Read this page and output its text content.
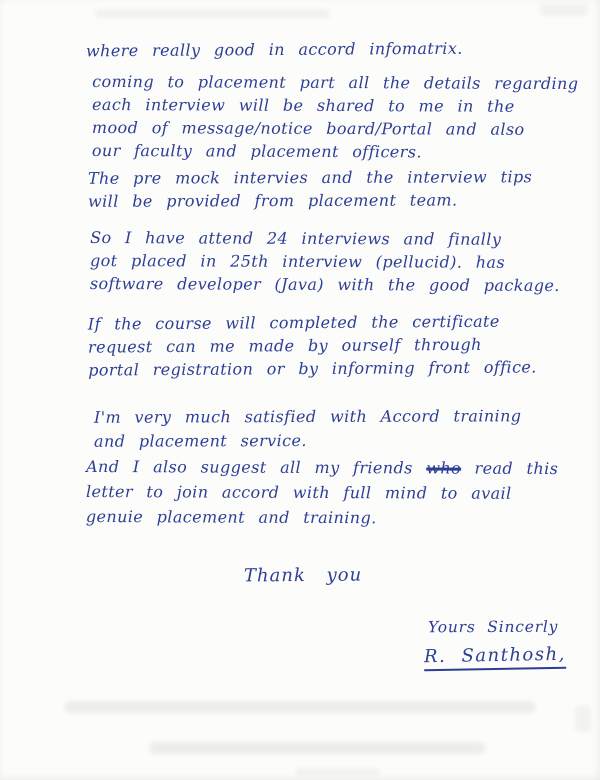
where really good in accord infomatrix.
coming to placement part all the details regarding
each interview will be shared to me in the
mood of message/notice board/Portal and also
our faculty and placement officers.
The pre mock intervies and the interview tips
will be provided from placement team.
So I have attend 24 interviews and finally
got placed in 25th interview (pellucid). has
software developer (Java) with the good package.
If the course will completed the certificate
request can me made by ourself through
portal registration or by informing front office.
I'm very much satisfied with Accord training
and placement service.
And I also suggest all my friends who read this
letter to join accord with full mind to avail
genuie placement and training.
Thank you
Yours Sincerly
R. Santhosh,
